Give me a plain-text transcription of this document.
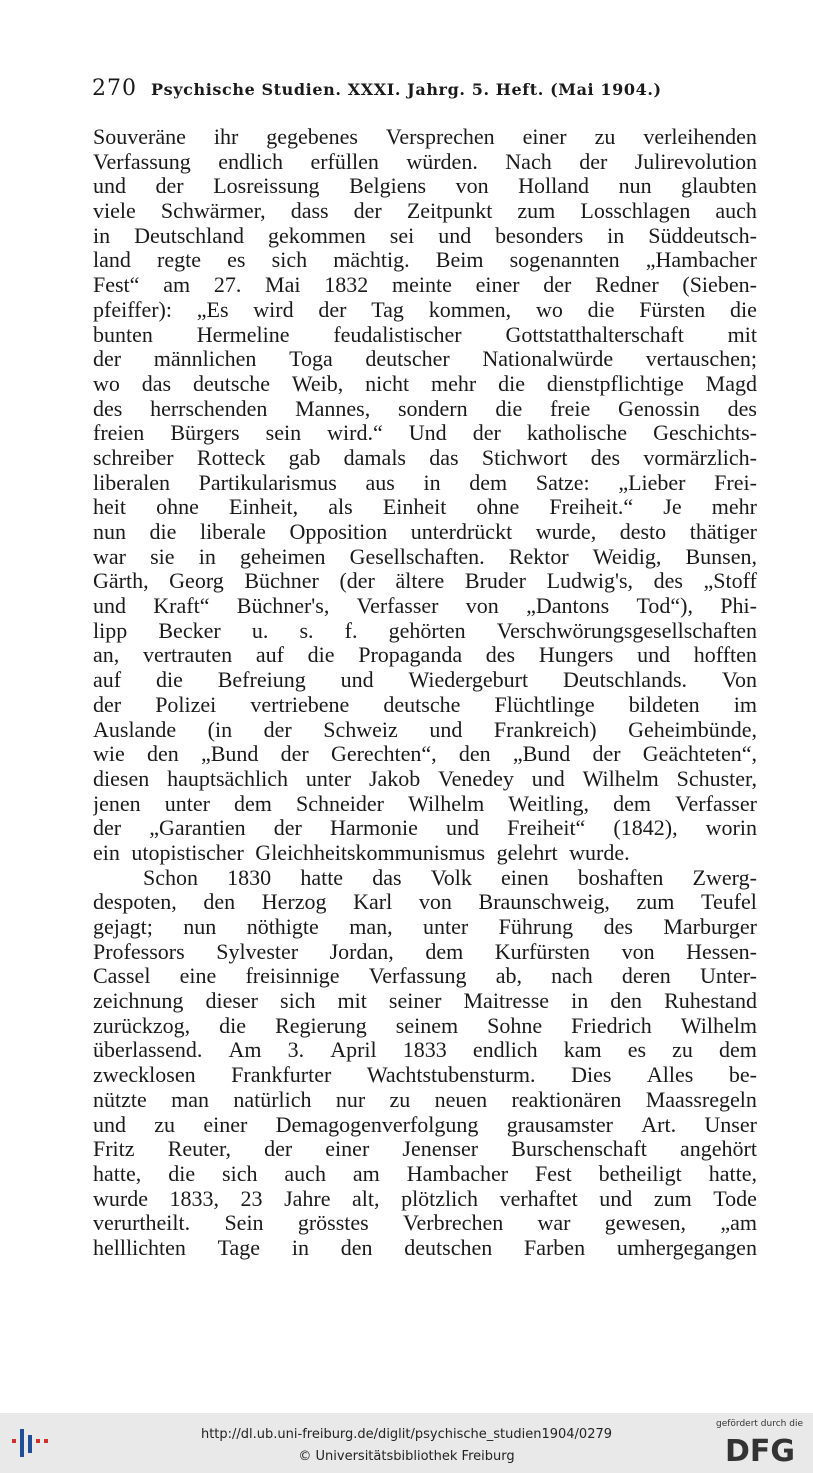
270 Psychische Studien. XXXI. Jahrg. 5. Heft. (Mai 1904.)
Souveräne ihr gegebenes Versprechen einer zu verleihenden
Verfassung endlich erfüllen würden. Nach der Julirevolution
und der Losreissung Belgiens von Holland nun glaubten
viele Schwärmer, dass der Zeitpunkt zum Losschlagen auch
in Deutschland gekommen sei und besonders in Süddeutsch-
land regte es sich mächtig. Beim sogenannten „Hambacher
Fest“ am 27. Mai 1832 meinte einer der Redner (Sieben-
pfeiffer): „Es wird der Tag kommen, wo die Fürsten die
bunten Hermeline feudalistischer Gottstatthalterschaft mit
der männlichen Toga deutscher Nationalwürde vertauschen;
wo das deutsche Weib, nicht mehr die dienstpflichtige Magd
des herrschenden Mannes, sondern die freie Genossin des
freien Bürgers sein wird.“ Und der katholische Geschichts-
schreiber Rotteck gab damals das Stichwort des vormärzlich-
liberalen Partikularismus aus in dem Satze: „Lieber Frei-
heit ohne Einheit, als Einheit ohne Freiheit.“ Je mehr
nun die liberale Opposition unterdrückt wurde, desto thätiger
war sie in geheimen Gesellschaften. Rektor Weidig, Bunsen,
Gärth, Georg Büchner (der ältere Bruder Ludwig's, des „Stoff
und Kraft“ Büchner's, Verfasser von „Dantons Tod“), Phi-
lipp Becker u. s. f. gehörten Verschwörungsgesellschaften
an, vertrauten auf die Propaganda des Hungers und hofften
auf die Befreiung und Wiedergeburt Deutschlands. Von
der Polizei vertriebene deutsche Flüchtlinge bildeten im
Auslande (in der Schweiz und Frankreich) Geheimbünde,
wie den „Bund der Gerechten“, den „Bund der Geächteten“,
diesen hauptsächlich unter Jakob Venedey und Wilhelm Schuster,
jenen unter dem Schneider Wilhelm Weitling, dem Verfasser
der „Garantien der Harmonie und Freiheit“ (1842), worin
ein utopistischer Gleichheitskommunismus gelehrt wurde.
Schon 1830 hatte das Volk einen boshaften Zwerg-
despoten, den Herzog Karl von Braunschweig, zum Teufel
gejagt; nun nöthigte man, unter Führung des Marburger
Professors Sylvester Jordan, dem Kurfürsten von Hessen-
Cassel eine freisinnige Verfassung ab, nach deren Unter-
zeichnung dieser sich mit seiner Maitresse in den Ruhestand
zurückzog, die Regierung seinem Sohne Friedrich Wilhelm
überlassend. Am 3. April 1833 endlich kam es zu dem
zwecklosen Frankfurter Wachtstubensturm. Dies Alles be-
nützte man natürlich nur zu neuen reaktionären Maassregeln
und zu einer Demagogenverfolgung grausamster Art. Unser
Fritz Reuter, der einer Jenenser Burschenschaft angehört
hatte, die sich auch am Hambacher Fest betheiligt hatte,
wurde 1833, 23 Jahre alt, plötzlich verhaftet und zum Tode
verurtheilt. Sein grösstes Verbrechen war gewesen, „am
helllichten Tage in den deutschen Farben umhergegangen
http://dl.ub.uni-freiburg.de/diglit/psychische_studien1904/0279
© Universitätsbibliothek Freiburg
gefördert durch die
DFG
